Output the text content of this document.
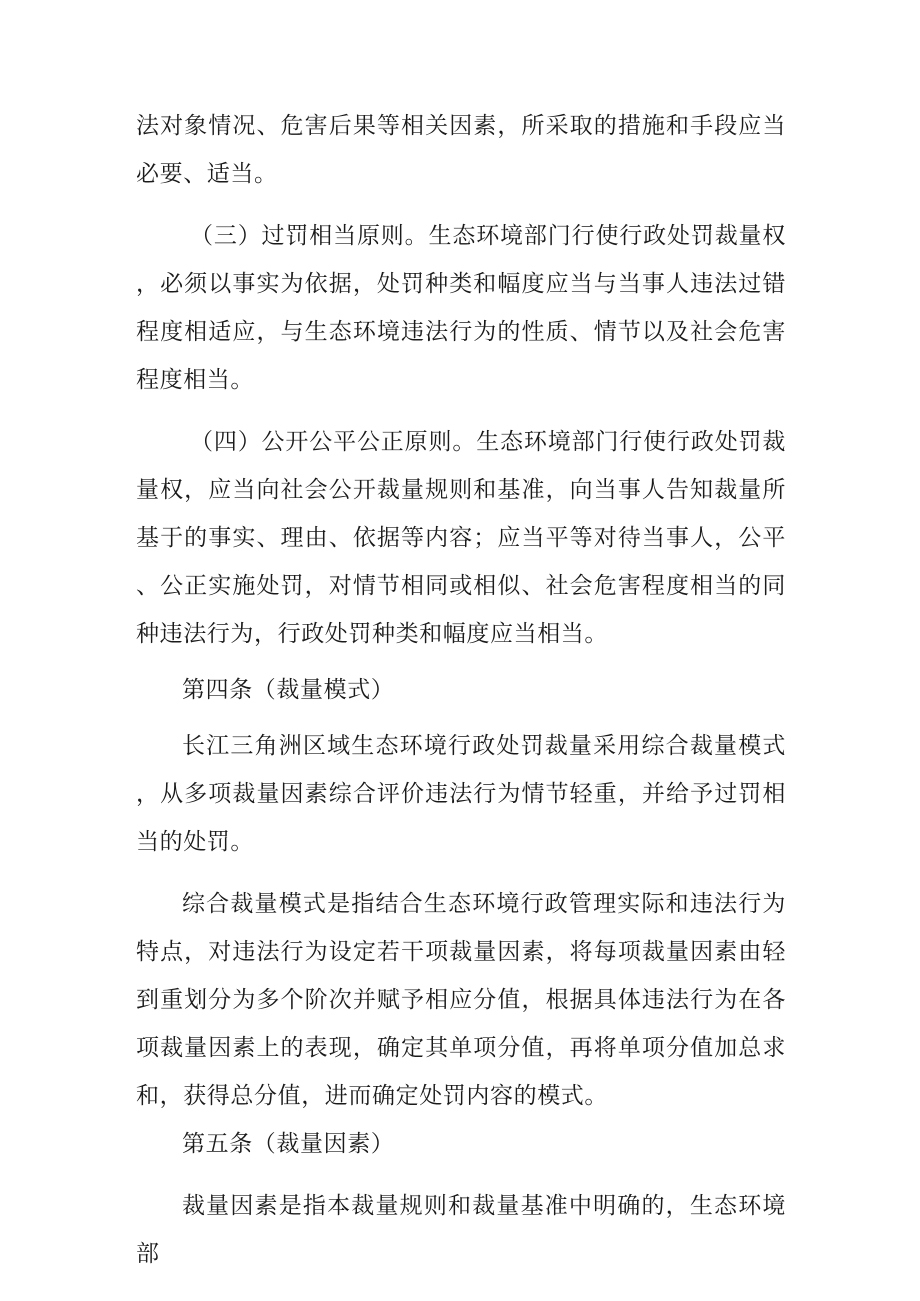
法对象情况、危害后果等相关因素，所采取的措施和手段应当必要、适当。

（三）过罚相当原则。生态环境部门行使行政处罚裁量权，必须以事实为依据，处罚种类和幅度应当与当事人违法过错程度相适应，与生态环境违法行为的性质、情节以及社会危害程度相当。

（四）公开公平公正原则。生态环境部门行使行政处罚裁量权，应当向社会公开裁量规则和基准，向当事人告知裁量所基于的事实、理由、依据等内容；应当平等对待当事人，公平、公正实施处罚，对情节相同或相似、社会危害程度相当的同种违法行为，行政处罚种类和幅度应当相当。

第四条（裁量模式）

长江三角洲区域生态环境行政处罚裁量采用综合裁量模式，从多项裁量因素综合评价违法行为情节轻重，并给予过罚相当的处罚。

综合裁量模式是指结合生态环境行政管理实际和违法行为特点，对违法行为设定若干项裁量因素，将每项裁量因素由轻到重划分为多个阶次并赋予相应分值，根据具体违法行为在各项裁量因素上的表现，确定其单项分值，再将单项分值加总求和，获得总分值，进而确定处罚内容的模式。

第五条（裁量因素）

裁量因素是指本裁量规则和裁量基准中明确的，生态环境部
